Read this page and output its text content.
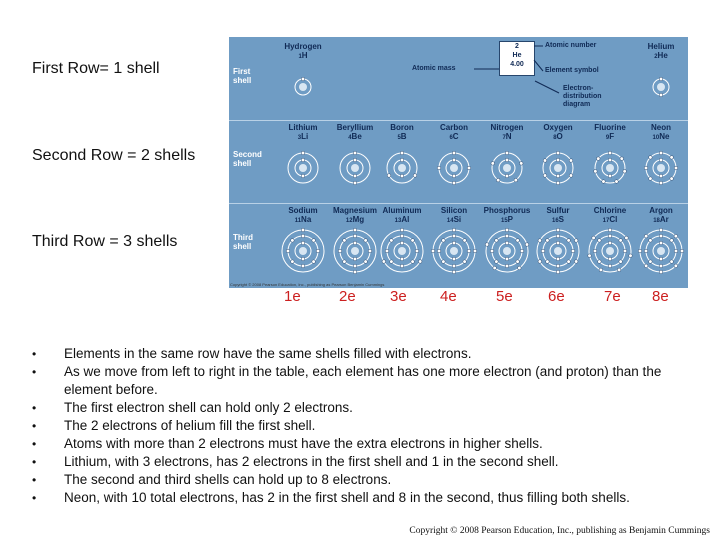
First Row= 1 shell
Second Row = 2 shells
Third Row = 3 shells
First
shell
Second
shell
Third
shell
2
He
4.00
Atomic number
Atomic mass	Element symbol
Electron-
distribution
diagram
Copyright © 2008 Pearson Education, Inc., publishing as Pearson Benjamin Cummings
Hydrogen
1H
Helium
2He
Lithium
3Li
Beryllium
4Be
Boron
5B
Carbon
6C
Nitrogen
7N
Oxygen
8O
Fluorine
9F
Neon
10Ne
Sodium
11Na
Magnesium
12Mg
Aluminum
13Al
Silicon
14Si
Phosphorus
15P
Sulfur
16S
Chlorine
17Cl
Argon
18Ar
1e	2e 3e 4e	5e 6e	7e 8e
• Elements in the same row have the same shells filled with electrons.
• As we move from left to right in the table, each element has one more electron (and proton) than the element before.
• The first electron shell can hold only 2 electrons.
• The 2 electrons of helium fill the first shell.
• Atoms with more than 2 electrons must have the extra electrons in higher shells.
• Lithium, with 3 electrons, has 2 electrons in the first shell and 1 in the second shell.
• The second and third shells can hold up to 8 electrons.
• Neon, with 10 total electrons, has 2 in the first shell and 8 in the second, thus filling both shells.
Copyright © 2008 Pearson Education, Inc., publishing as Benjamin Cummings
